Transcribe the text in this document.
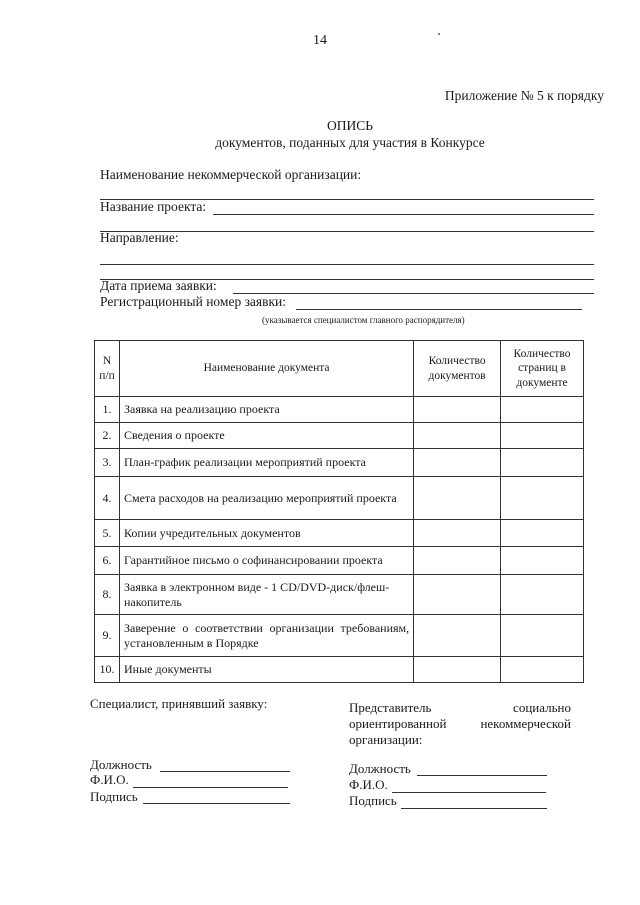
14
Приложение № 5 к порядку
ОПИСЬ
документов, поданных для участия в Конкурсе
Наименование некоммерческой организации:
Название проекта:
Направление:
Дата приема заявки:
Регистрационный номер заявки:
(указывается специалистом главного распорядителя)
N п/п	Наименование документа	Количество документов	Количество страниц в документе
1.	Заявка на реализацию проекта		
2.	Сведения о проекте		
3.	План-график реализации мероприятий проекта		
4.	Смета расходов на реализацию мероприятий проекта		
5.	Копии учредительных документов		
6.	Гарантийное письмо о софинансировании проекта		
8.	Заявка в электронном виде - 1 CD/DVD-диск/флеш-накопитель		
9.	Заверение о соответствии организации требованиям, установленным в Порядке		
10.	Иные документы		
Специалист, принявший заявку:
Должность
Ф.И.О.
Подпись
Представитель социально
ориентированной некоммерческой
организации:
Должность
Ф.И.О.
Подпись
